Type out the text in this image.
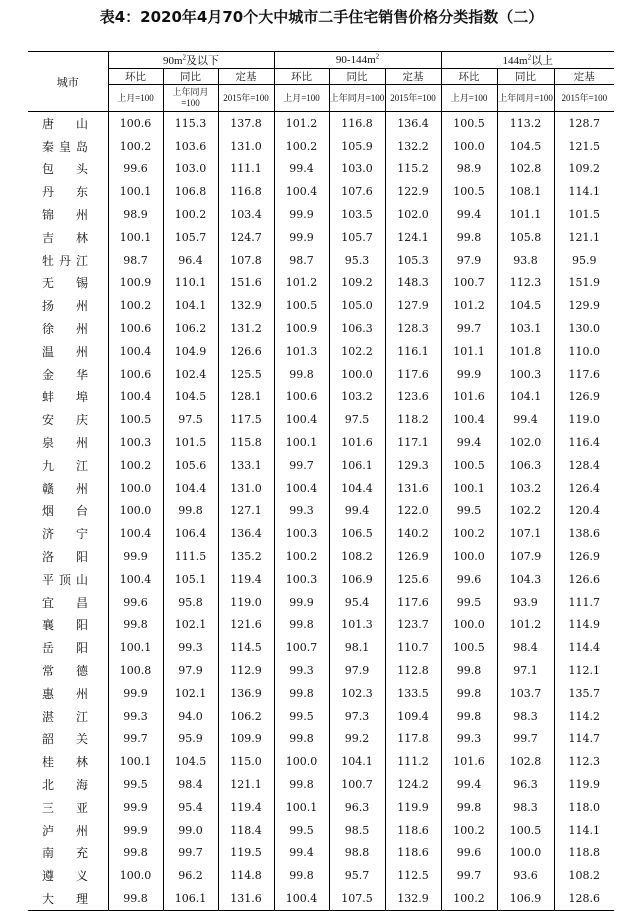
表4：2020年4月70个大中城市二手住宅销售价格分类指数（二）
城市	$90m^2$及以下			$90-144m^2$			$144m^2$以上		
	环比	同比	定基	环比	同比	定基	环比	同比	定基
	上月=100	上年同月=100	2015年=100	上月=100	上年同月=100	2015年=100	上月=100	上年同月=100	2015年=100
唐山	100.6	115.3	137.8	101.2	116.8	136.4	100.5	113.2	128.7
秦皇岛	100.2	103.6	131.0	100.2	105.9	132.2	100.0	104.5	121.5
包头	99.6	103.0	111.1	99.4	103.0	115.2	98.9	102.8	109.2
丹东	100.1	106.8	116.8	100.4	107.6	122.9	100.5	108.1	114.1
锦州	98.9	100.2	103.4	99.9	103.5	102.0	99.4	101.1	101.5
吉林	100.1	105.7	124.7	99.9	105.7	124.1	99.8	105.8	121.1
牡丹江	98.7	96.4	107.8	98.7	95.3	105.3	97.9	93.8	95.9
无锡	100.9	110.1	151.6	101.2	109.2	148.3	100.7	112.3	151.9
扬州	100.2	104.1	132.9	100.5	105.0	127.9	101.2	104.5	129.9
徐州	100.6	106.2	131.2	100.9	106.3	128.3	99.7	103.1	130.0
温州	100.4	104.9	126.6	101.3	102.2	116.1	101.1	101.8	110.0
金华	100.6	102.4	125.5	99.8	100.0	117.6	99.9	100.3	117.6
蚌埠	100.4	104.5	128.1	100.6	103.2	123.6	101.6	104.1	126.9
安庆	100.5	97.5	117.5	100.4	97.5	118.2	100.4	99.4	119.0
泉州	100.3	101.5	115.8	100.1	101.6	117.1	99.4	102.0	116.4
九江	100.2	105.6	133.1	99.7	106.1	129.3	100.5	106.3	128.4
赣州	100.0	104.4	131.0	100.4	104.4	131.6	100.1	103.2	126.4
烟台	100.0	99.8	127.1	99.3	99.4	122.0	99.5	102.2	120.4
济宁	100.4	106.4	136.4	100.3	106.5	140.2	100.2	107.1	138.6
洛阳	99.9	111.5	135.2	100.2	108.2	126.9	100.0	107.9	126.9
平顶山	100.4	105.1	119.4	100.3	106.9	125.6	99.6	104.3	126.6
宜昌	99.6	95.8	119.0	99.9	95.4	117.6	99.5	93.9	111.7
襄阳	99.8	102.1	121.6	99.8	101.3	123.7	100.0	101.2	114.9
岳阳	100.1	99.3	114.5	100.7	98.1	110.7	100.5	98.4	114.4
常德	100.8	97.9	112.9	99.3	97.9	112.8	99.8	97.1	112.1
惠州	99.9	102.1	136.9	99.8	102.3	133.5	99.8	103.7	135.7
湛江	99.3	94.0	106.2	99.5	97.3	109.4	99.8	98.3	114.2
韶关	99.7	95.9	109.9	99.8	99.2	117.8	99.3	99.7	114.7
桂林	100.1	104.5	115.0	100.0	104.1	111.2	101.6	102.8	112.3
北海	99.5	98.4	121.1	99.8	100.7	124.2	99.4	96.3	119.9
三亚	99.9	95.4	119.4	100.1	96.3	119.9	99.8	98.3	118.0
泸州	99.9	99.0	118.4	99.5	98.5	118.6	100.2	100.5	114.1
南充	99.8	99.7	119.5	99.4	98.8	118.6	99.6	100.0	118.8
遵义	100.0	96.2	114.8	99.8	95.7	112.5	99.7	93.6	108.2
大理	99.8	106.1	131.6	100.4	107.5	132.9	100.2	106.9	128.6
